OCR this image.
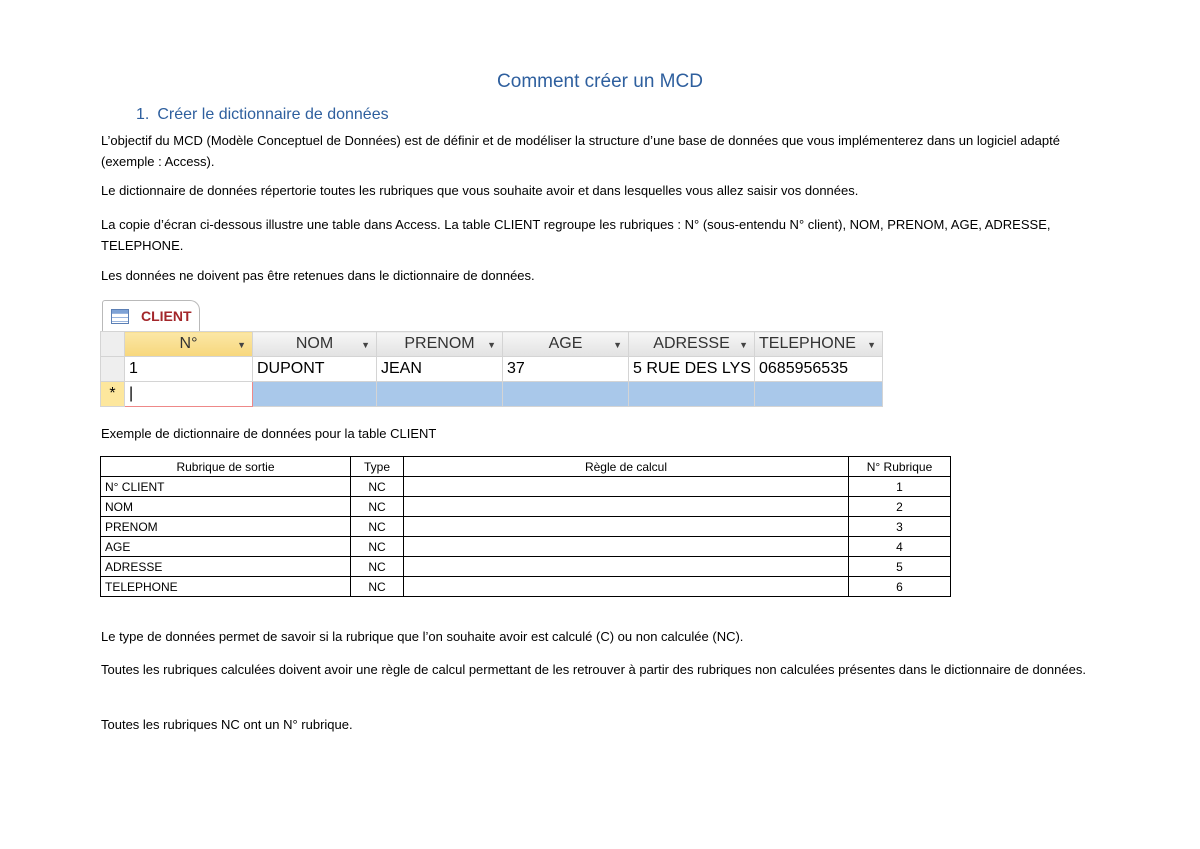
Comment créer un MCD
1. Créer le dictionnaire de données
L’objectif du MCD (Modèle Conceptuel de Données) est de définir et de modéliser la structure d’une base de données que vous implémenterez dans un logiciel adapté (exemple : Access).
Le dictionnaire de données répertorie toutes les rubriques que vous souhaite avoir et dans lesquelles vous allez saisir vos données.
La copie d’écran ci-dessous illustre une table dans Access. La table CLIENT regroupe les rubriques : N° (sous-entendu N° client), NOM, PRENOM, AGE, ADRESSE, TELEPHONE.
Les données ne doivent pas être retenues dans le dictionnaire de données.
CLIENT
	N° ▼	NOM ▼	PRENOM ▼	AGE ▼	ADRESSE ▼	TELEPHONE ▼

	1	DUPONT	JEAN	37	5 RUE DES LYS	0685956535
*	|					
Exemple de dictionnaire de données pour la table CLIENT
Rubrique de sortie	Type	Règle de calcul	N° Rubrique
N° CLIENT	NC		1
NOM	NC		2
PRENOM	NC		3
AGE	NC		4
ADRESSE	NC		5
TELEPHONE	NC		6
Le type de données permet de savoir si la rubrique que l’on souhaite avoir est calculé (C) ou non calculée (NC).
Toutes les rubriques calculées doivent avoir une règle de calcul permettant de les retrouver à partir des rubriques non calculées présentes dans le dictionnaire de données.
Toutes les rubriques NC ont un N° rubrique.
